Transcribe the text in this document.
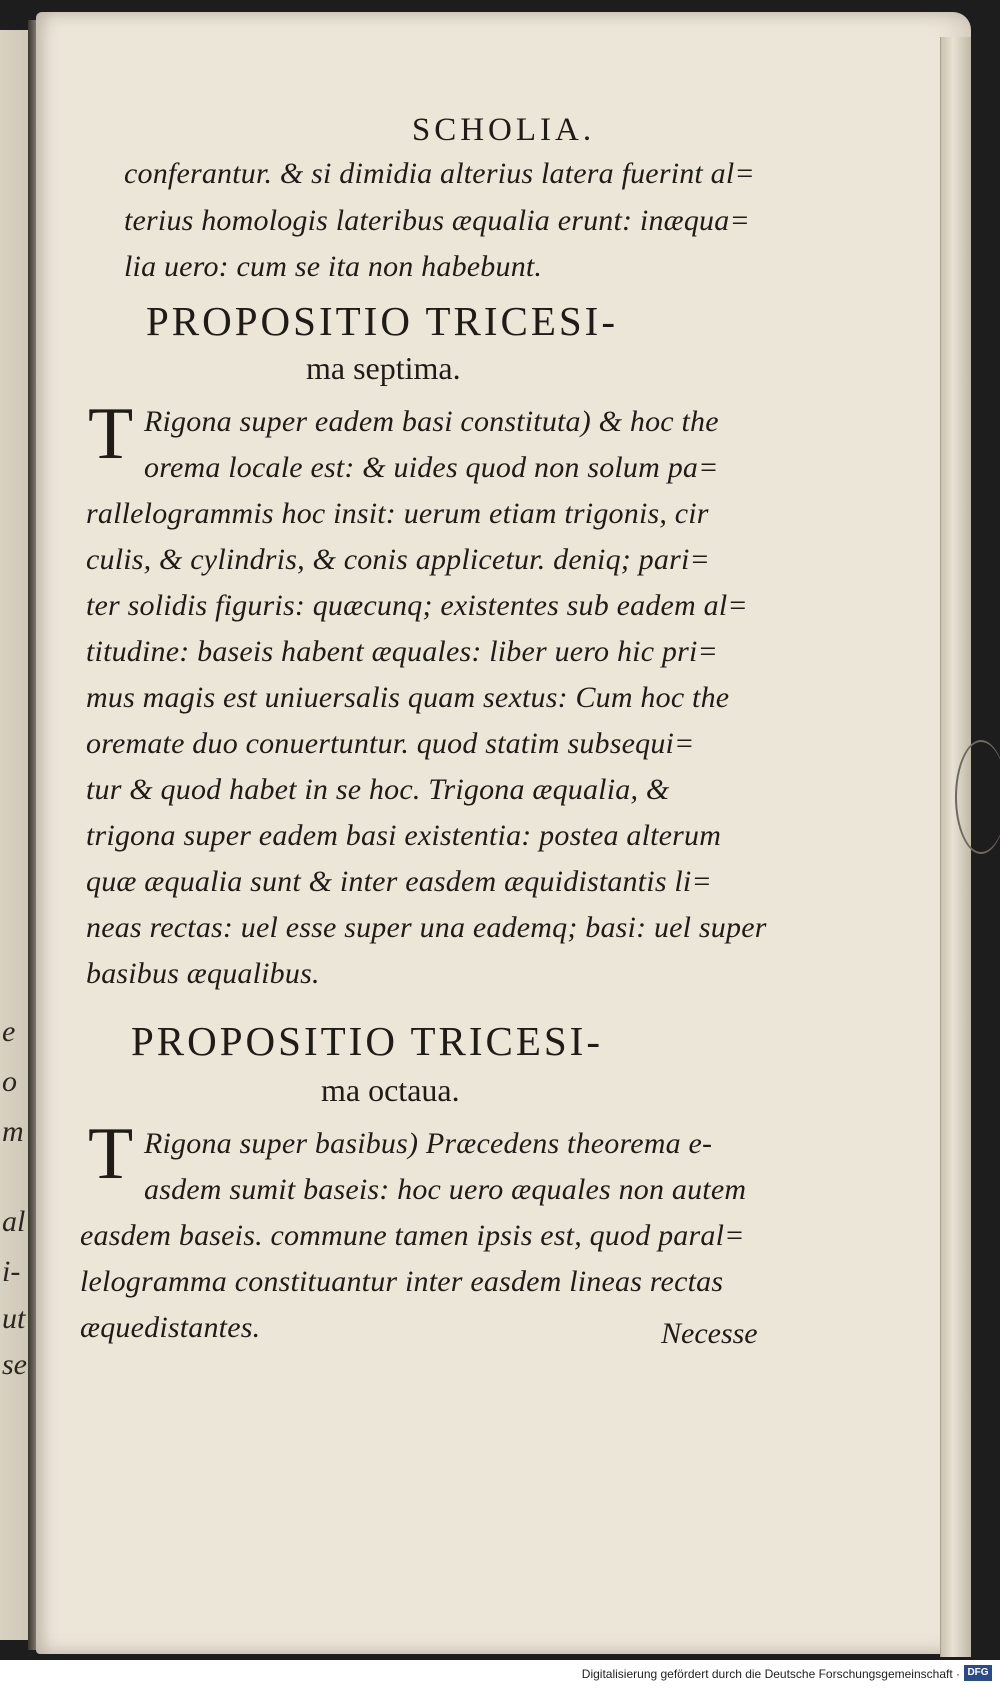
e
o
m
al
i-
ut
se
SCHOLIA.
conferantur. & si dimidia alterius latera fuerint al=
terius homologis lateribus æqualia erunt: inæqua=
lia uero: cum se ita non habebunt.
PROPOSITIO TRICESI-
ma septima.
T Rigona super eadem basi constituta) & hoc the
orema locale est: & uides quod non solum pa=
rallelogrammis hoc insit: uerum etiam trigonis, cir
culis, & cylindris, & conis applicetur. deniq; pari=
ter solidis figuris: quæcunq; existentes sub eadem al=
titudine: baseis habent æquales: liber uero hic pri=
mus magis est uniuersalis quam sextus: Cum hoc the
oremate duo conuertuntur. quod statim subsequi=
tur & quod habet in se hoc. Trigona æqualia, &
trigona super eadem basi existentia: postea alterum
quæ æqualia sunt & inter easdem æquidistantis li=
neas rectas: uel esse super una eademq; basi: uel super
basibus æqualibus.
PROPOSITIO TRICESI-
ma octaua.
T Rigona super basibus) Præcedens theorema e-
asdem sumit baseis: hoc uero æquales non autem
easdem baseis. commune tamen ipsis est, quod paral=
lelogramma constituantur inter easdem lineas rectas
æquedistantes.	Necesse
Digitalisierung gefördert durch die Deutsche Forschungsgemeinschaft · DFG
